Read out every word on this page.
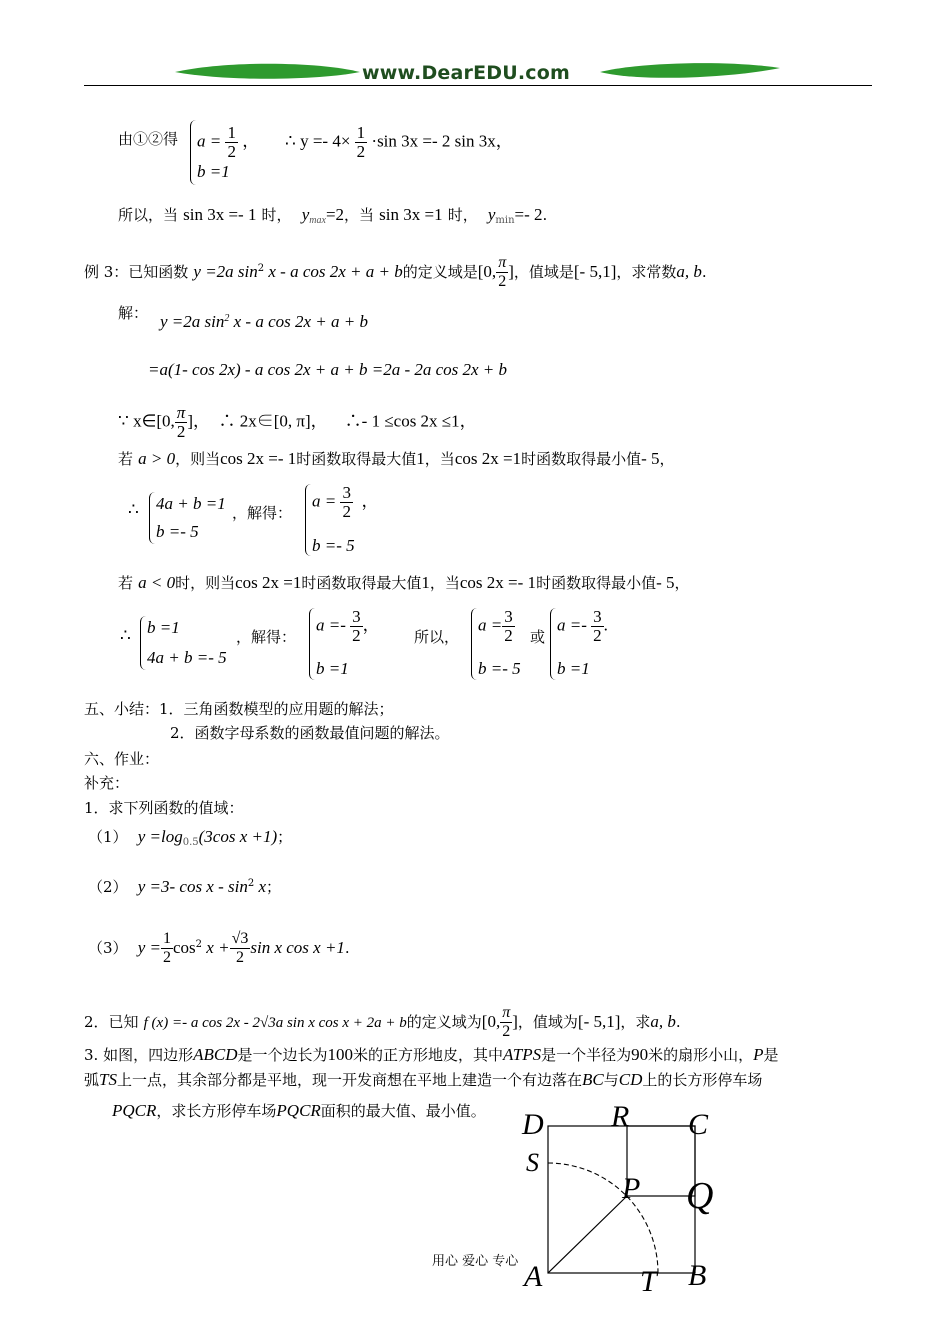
www.DearEDU.com
由①②得 $a = \frac{1}{2}$ ，
b =1
∴ $y =- 4\times \frac{1}{2} \cdot\sin$ 3x =- 2 sin 3x，
所以，当 sin 3x =- 1 时， $y_{max}=2$，当 sin 3x =1 时， $y_{min}=-$ 2.
例 3：已知函数 y =2a $\sin^2 x$ - a cos 2x + a + b的定义域是[0, $\frac{\pi}{2}$ ]，值域是[- 5,1]，求常数a, b.
解： y =2a $\sin^2 x$ - a cos 2x + a + b
=a(1- cos 2x) - a cos 2x + a + b =2a - 2a cos 2x + b
∵ x∈[0, $\frac{\pi}{2}$ ]， ∴ 2x∈[0, π]， ∴- 1 ≤cos 2x ≤1，
若 a > 0，则当cos 2x =- 1时函数取得最大值1，当cos 2x =1时函数取得最小值- 5，
∴ 4a + b =1
b =- 5
，解得：
$a = \frac{3}{2}$ ，
b =- 5
若 a < 0时，则当cos 2x =1时函数取得最大值1，当cos 2x =- 1时函数取得最小值- 5，
∴ b =1
4a + b =- 5
，解得：
$a =- \frac{3}{2}$ ，
b =1
所以，
$a = \frac{3}{2}$
b =- 5
或
$a =- \frac{3}{2}$ .
b =1
五、小结：1．三角函数模型的应用题的解法；
2．函数字母系数的函数最值问题的解法。
六、作业：
补充：
1．求下列函数的值域：
（1） $y =\log_{0.5}(3\cos$ x +1)；
（2） y =3- cos x - $\sin^2 x$；
（3） $y = \frac{1}{2} \cos^2 x + \frac{√3}{2}$ sin x cos x +1.
2．已知 f (x) =- a cos 2x - 2√3a sin x cos x + 2a + b的定义域为[0, $\frac{\pi}{2}$ ]，值域为[- 5,1]，求a, b.
3. 如图，四边形ABCD是一个边长为100米的正方形地皮，其中ATPS是一个半径为90米的扇形小山，P是
弧TS上一点，其余部分都是平地，现一开发商想在平地上建造一个有边落在BC与CD上的长方形停车场
PQCR，求长方形停车场PQCR面积的最大值、最小值。 D R C
S
P Q
A	T B
用心 爱心 专心
